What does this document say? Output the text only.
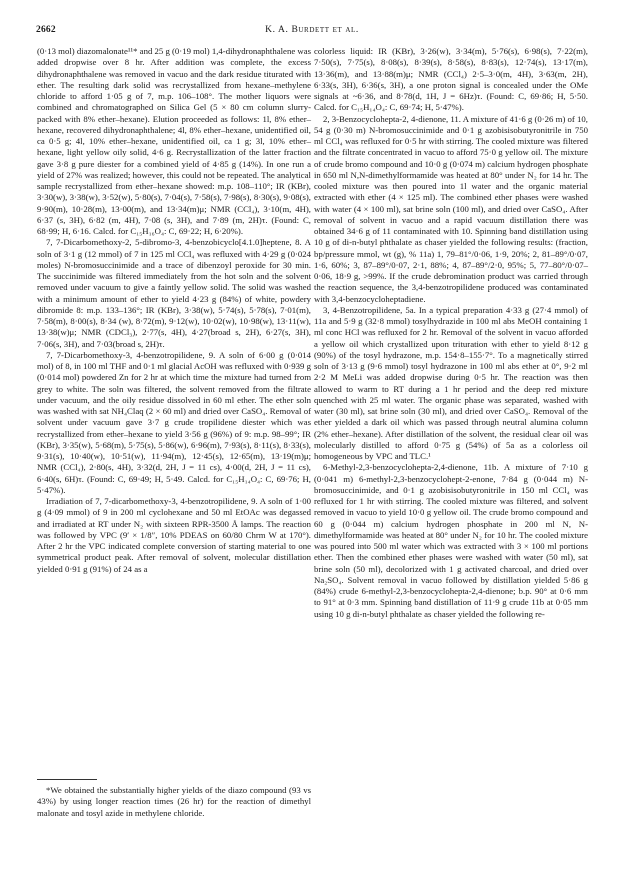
2662	K. A. Burdett et al.

(0·13 mol) diazomalonate¹¹* and 25 g (0·19 mol) 1,4-dihydronaphthalene was added dropwise over 8 hr. After addition was complete, the excess dihydronaphthalene was removed in vacuo and the dark residue titurated with ether. The resulting dark solid was recrystallized from hexane–methylene chloride to afford 1·05 g of 7, m.p. 106–108°. The mother liquors were combined and chromatographed on Silica Gel (5 × 80 cm column slurry-packed with 8% ether–hexane). Elution proceeded as follows: 1l, 8% ether–hexane, recovered dihydronaphthalene; 4l, 8% ether–hexane, unidentified oil, ca 0·5 g; 4l, 10% ether–hexane, unidentified oil, ca 1 g; 3l, 10% ether–hexane, light yellow oily solid, 4·6 g. Recrystallization of the latter fraction gave 3·8 g pure diester for a combined yield of 4·85 g (14%). In one run a yield of 27% was realized; however, this could not be repeated. The analytical sample recrystallized from ether–hexane showed: m.p. 108–110°; IR (KBr), 3·30(w), 3·38(w), 3·52(w), 5·80(s), 7·04(s), 7·58(s), 7·98(s), 8·30(s), 9·08(s), 9·90(m), 10·28(m), 13·00(m), and 13·34(m)μ; NMR (CCl₄), 3·10(m, 4H), 6·37 (s, 3H), 6·82 (m, 4H), 7·08 (s, 3H), and 7·89 (m, 2H)τ. (Found: C, 68·99; H, 6·16. Calcd. for C₁₅H₁₆O₄: C, 69·22; H, 6·20%).

7, 7-Dicarbomethoxy-2, 5-dibromo-3, 4-benzobicyclo[4.1.0]heptene, 8. A soln of 3·1 g (12 mmol) of 7 in 125 ml CCl₄ was refluxed with 4·29 g (0·024 moles) N-bromosuccinimide and a trace of dibenzoyl peroxide for 30 min. The succinimide was filtered immediately from the hot soln and the solvent removed under vacuum to give a faintly yellow solid. The solid was washed with a minimum amount of ether to yield 4·23 g (84%) of white, powdery dibromide 8: m.p. 133–136°; IR (KBr), 3·38(w), 5·74(s), 5·78(s), 7·01(m), 7·58(m), 8·00(s), 8·34 (w), 8·72(m), 9·12(w), 10·02(w), 10·98(w), 13·11(w), 13·38(w)μ; NMR (CDCl₃), 2·77(s, 4H), 4·27(broad s, 2H), 6·27(s, 3H), 7·06(s, 3H), and 7·03(broad s, 2H)τ.

7, 7-Dicarbomethoxy-3, 4-benzotropilidene, 9. A soln of 6·00 g (0·014 mol) of 8, in 100 ml THF and 0·1 ml glacial AcOH was refluxed with 0·939 g (0·014 mol) powdered Zn for 2 hr at which time the mixture had turned from grey to white. The soln was filtered, the solvent removed from the filtrate under vacuum, and the oily residue dissolved in 60 ml ether. The ether soln was washed with sat NH₄Claq (2 × 60 ml) and dried over CaSO₄. Removal of solvent under vacuum gave 3·7 g crude tropilidene diester which was recrystallized from ether–hexane to yield 3·56 g (96%) of 9: m.p. 98–99°; IR (KBr), 3·35(w), 5·68(m), 5·75(s), 5·86(w), 6·96(m), 7·93(s), 8·11(s), 8·33(s), 9·31(s), 10·40(w), 10·51(w), 11·94(m), 12·45(s), 12·65(m), 13·19(m)μ; NMR (CCl₄), 2·80(s, 4H), 3·32(d, 2H, J = 11 cs), 4·00(d, 2H, J = 11 cs), 6·40(s, 6H)τ. (Found: C, 69·49; H, 5·49. Calcd. for C₁₅H₁₄O₄: C, 69·76; H, 5·47%).

Irradiation of 7, 7-dicarbomethoxy-3, 4-benzotropilidene, 9. A soln of 1·00 g (4·09 mmol) of 9 in 200 ml cyclohexane and 50 ml EtOAc was degassed and irradiated at RT under N₂ with sixteen RPR-3500 Å lamps. The reaction was followed by VPC (9′ × 1/8″, 10% PDEAS on 60/80 Chrm W at 170°). After 2 hr the VPC indicated complete conversion of starting material to one symmetrical product peak. After removal of solvent, molecular distillation yielded 0·91 g (91%) of 24 as a

*We obtained the substantially higher yields of the diazo compound (93 vs 43%) by using longer reaction times (26 hr) for the reaction of dimethyl malonate and tosyl azide in methylene chloride.

colorless liquid: IR (KBr), 3·26(w), 3·34(m), 5·76(s), 6·98(s), 7·22(m), 7·50(s), 7·75(s), 8·08(s), 8·39(s), 8·58(s), 8·83(s), 12·74(s), 13·17(m), 13·36(m), and 13·88(m)μ; NMR (CCl₄) 2·5–3·0(m, 4H), 3·63(m, 2H), 6·33(s, 3H), 6·36(s, 3H), a one proton signal is concealed under the OMe signals at ~6·36, and 8·78(d, 1H, J = 6Hz)τ. (Found: C, 69·86; H, 5·50. Calcd. for C₁₅H₁₄O₄: C, 69·74; H, 5·47%).

2, 3-Benzocycloheptа-2, 4-dienone, 11. A mixture of 41·6 g (0·26 m) of 10, 54 g (0·30 m) N-bromosuccinimide and 0·1 g azobisisobutyronitrile in 750 ml CCl₄ was refluxed for 0·5 hr with stirring. The cooled mixture was filtered and the filtrate concentrated in vacuo to afford 75·0 g yellow oil. The mixture of crude bromo compound and 10·0 g (0·074 m) calcium hydrogen phosphate in 650 ml N,N-dimethylformamide was heated at 80° under N₂ for 14 hr. The cooled mixture was then poured into 1l water and the organic material extracted with ether (4 × 125 ml). The combined ether phases were washed with water (4 × 100 ml), sat brine soln (100 ml), and dried over CaSO₄. After removal of solvent in vacuo and a rapid vacuum distillation there was obtained 34·6 g of 11 contaminated with 10. Spinning band distillation using 10 g of di-n-butyl phthalate as chaser yielded the following results: (fraction, bp/pressure mmol, wt (g), % 11a) 1, 79–81°/0·06, 1·9, 20%; 2, 81–89°/0·07, 1·6, 60%; 3, 87–89°/0·07, 2·1, 88%; 4, 87–89°/2·0, 95%; 5, 77–80°/0·07–0·06, 18·9 g, >99%. If the crude debromination product was carried through the reaction sequence, the 3,4-benzotropilidene produced was contaminated with 3,4-benzocycloheptadiene.

3, 4-Benzotropilidene, 5a. In a typical preparation 4·33 g (27·4 mmol) of 11a and 5·9 g (32·8 mmol) tosylhydrazide in 100 ml abs MeOH containing 1 ml conc HCl was refluxed for 2 hr. Removal of the solvent in vacuo afforded a yellow oil which crystallized upon trituration with ether to yield 8·12 g (90%) of the tosyl hydrazone, m.p. 154·8–155·7°. To a magnetically stirred soln of 3·13 g (9·6 mmol) tosyl hydrazone in 100 ml abs ether at 0°, 9·2 ml 2·2 M MeLi was added dropwise during 0·5 hr. The reaction was then allowed to warm to RT during a 1 hr period and the deep red mixture quenched with 25 ml water. The organic phase was separated, washed with water (30 ml), sat brine soln (30 ml), and dried over CaSO₄. Removal of the ether yielded a dark oil which was passed through neutral alumina column (2% ether–hexane). After distillation of the solvent, the residual clear oil was molecularly distilled to afford 0·75 g (54%) of 5a as a colorless oil homogeneous by VPC and TLC.¹

6-Methyl-2,3-benzocyclohepta-2,4-dienone, 11b. A mixture of 7·10 g (0·041 m) 6-methyl-2,3-benzocyclohept-2-enone, 7·84 g (0·044 m) N-bromosuccinimide, and 0·1 g azobisisobutyronitrile in 150 ml CCl₄ was refluxed for 1 hr with stirring. The cooled mixture was filtered, and solvent removed in vacuo to yield 10·0 g yellow oil. The crude bromo compound and 60 g (0·044 m) calcium hydrogen phosphate in 200 ml N, N-dimethylformamide was heated at 80° under N₂ for 10 hr. The cooled mixture was poured into 500 ml water which was extracted with 3 × 100 ml portions ether. Then the combined ether phases were washed with water (50 ml), sat brine soln (50 ml), decolorized with 1 g activated charcoal, and dried over Na₂SO₄. Solvent removal in vacuo followed by distillation yielded 5·86 g (84%) crude 6-methyl-2,3-benzocyclohepta-2,4-dienone; b.p. 90° at 0·6 mm to 91° at 0·3 mm. Spinning band distillation of 11·9 g crude 11b at 0·05 mm using 10 g di-n-butyl phthalate as chaser yielded the following re-
